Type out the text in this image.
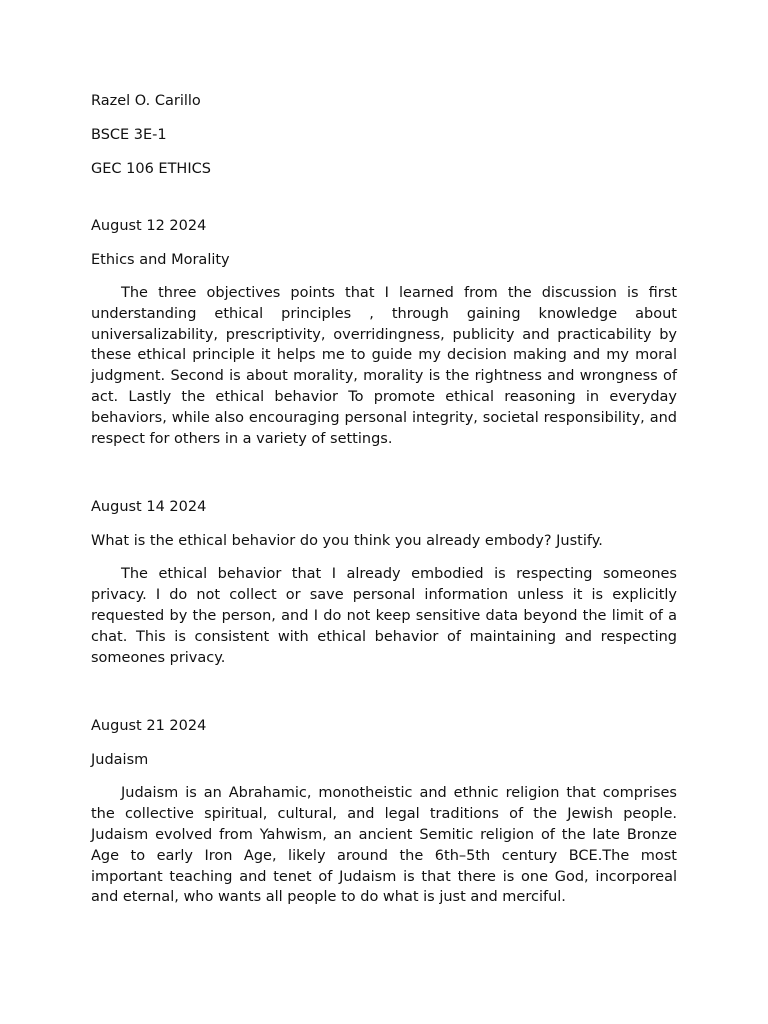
Razel O. Carillo
BSCE 3E-1
GEC 106 ETHICS
August 12 2024
Ethics and Morality

The three objectives points that I learned from the discussion is first understanding ethical principles , through gaining knowledge about universalizability, prescriptivity, overridingness, publicity and practicability by these ethical principle it helps me to guide my decision making and my moral judgment. Second is about morality, morality is the rightness and wrongness of act. Lastly the ethical behavior To promote ethical reasoning in everyday behaviors, while also encouraging personal integrity, societal responsibility, and respect for others in a variety of settings.

August 14 2024
What is the ethical behavior do you think you already embody? Justify.

The ethical behavior that I already embodied is respecting someones privacy. I do not collect or save personal information unless it is explicitly requested by the person, and I do not keep sensitive data beyond the limit of a chat. This is consistent with ethical behavior of maintaining and respecting someones privacy.

August 21 2024
Judaism

Judaism is an Abrahamic, monotheistic and ethnic religion that comprises the collective spiritual, cultural, and legal traditions of the Jewish people. Judaism evolved from Yahwism, an ancient Semitic religion of the late Bronze Age to early Iron Age, likely around the 6th–5th century BCE.The most important teaching and tenet of Judaism is that there is one God, incorporeal and eternal, who wants all people to do what is just and merciful.
